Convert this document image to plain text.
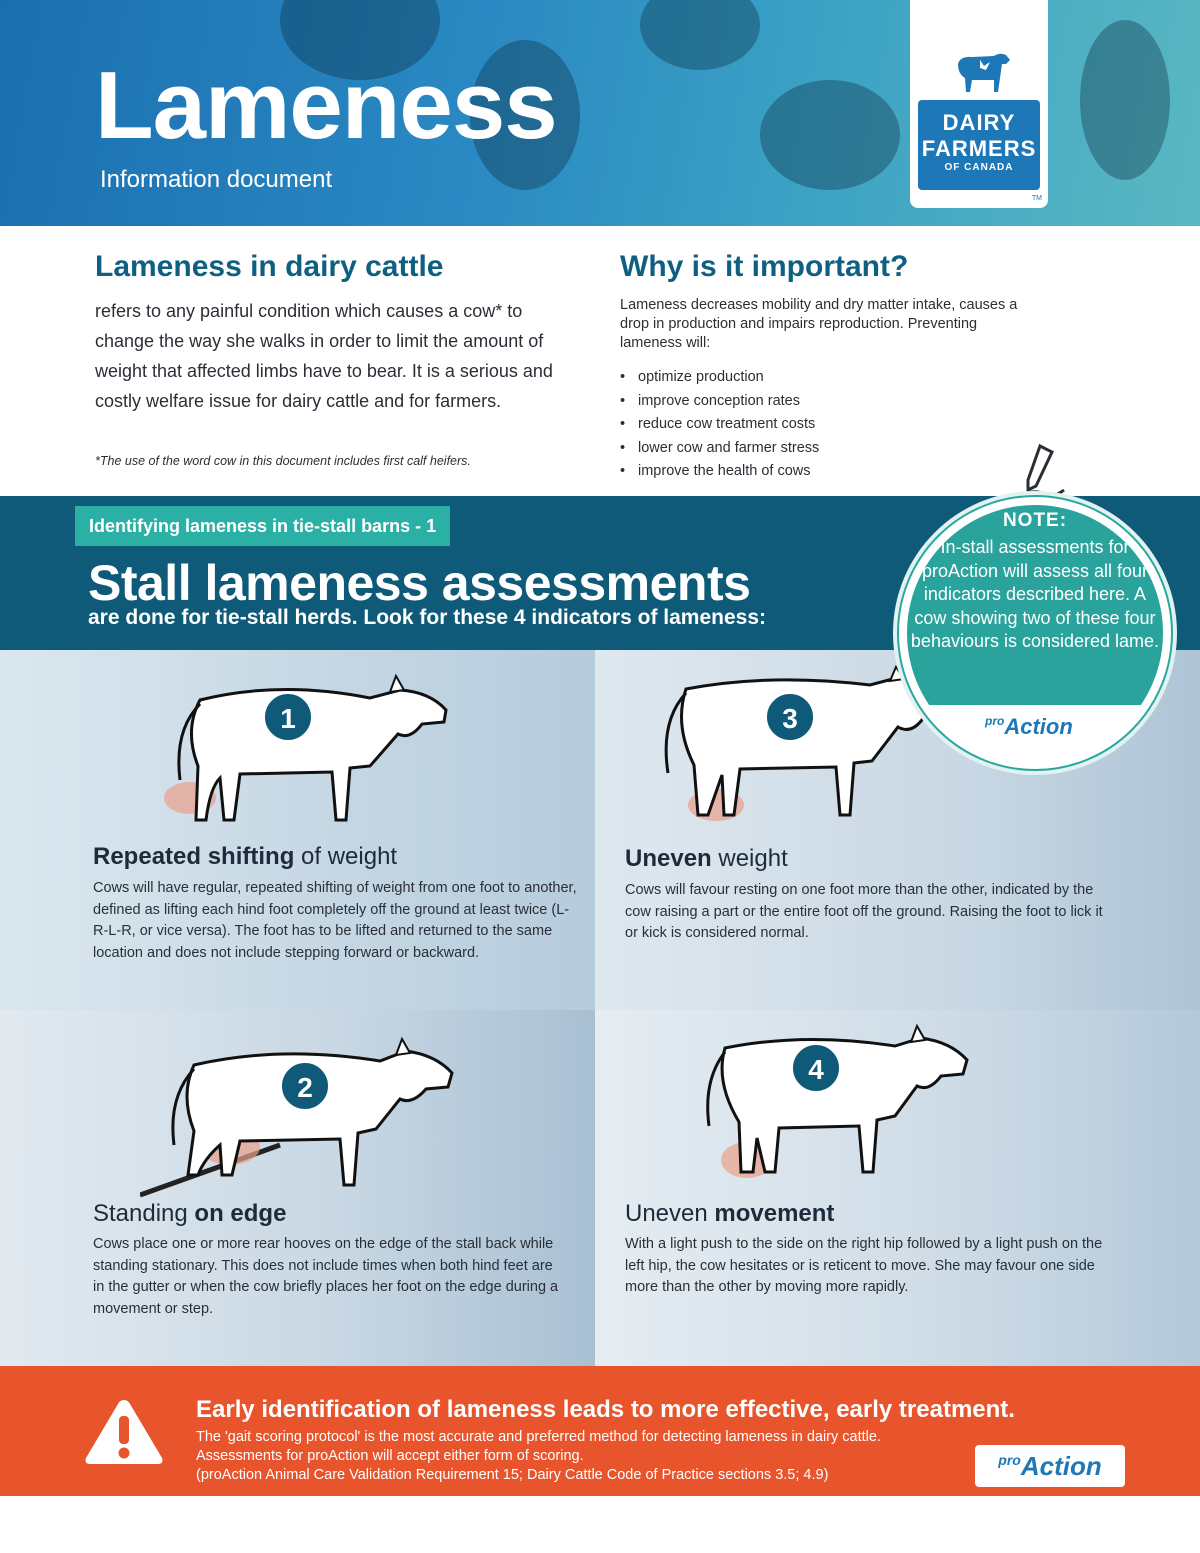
Lameness
Information document
DAIRY
FARMERS
OF CANADA
TM
Lameness in dairy cattle
refers to any painful condition which causes a cow* to change the way she walks in order to limit the amount of weight that affected limbs have to bear. It is a serious and costly welfare issue for dairy cattle and for farmers.
*The use of the word cow in this document includes first calf heifers.
Why is it important?
Lameness decreases mobility and dry matter intake, causes a drop in production and impairs reproduction. Preventing lameness will:
• optimize production
• improve conception rates
• reduce cow treatment costs
• lower cow and farmer stress
• improve the health of cows
Identifying lameness in tie-stall barns - 1
Stall lameness assessments
are done for tie-stall herds. Look for these 4 indicators of lameness:
1
Repeated shifting of weight
Cows will have regular, repeated shifting of weight from one foot to another, defined as lifting each hind foot completely off the ground at least twice (L-R-L-R, or vice versa). The foot has to be lifted and returned to the same location and does not include stepping forward or backward.
3
Uneven weight
Cows will favour resting on one foot more than the other, indicated by the cow raising a part or the entire foot off the ground. Raising the foot to lick it or kick is considered normal.
2
Standing on edge
Cows place one or more rear hooves on the edge of the stall back while standing stationary. This does not include times when both hind feet are in the gutter or when the cow briefly places her foot on the edge during a movement or step.
4
Uneven movement
With a light push to the side on the right hip followed by a light push on the left hip, the cow hesitates or is reticent to move. She may favour one side more than the other by moving more rapidly.
NOTE:
In-stall assessments for proAction will assess all four indicators described here. A cow showing two of these four behaviours is considered lame.
$^{pro}$Action
Early identification of lameness leads to more effective, early treatment.
The 'gait scoring protocol' is the most accurate and preferred method for detecting lameness in dairy cattle.
Assessments for proAction will accept either form of scoring.
(proAction Animal Care Validation Requirement 15; Dairy Cattle Code of Practice sections 3.5; 4.9)
$^{pro}$Action
